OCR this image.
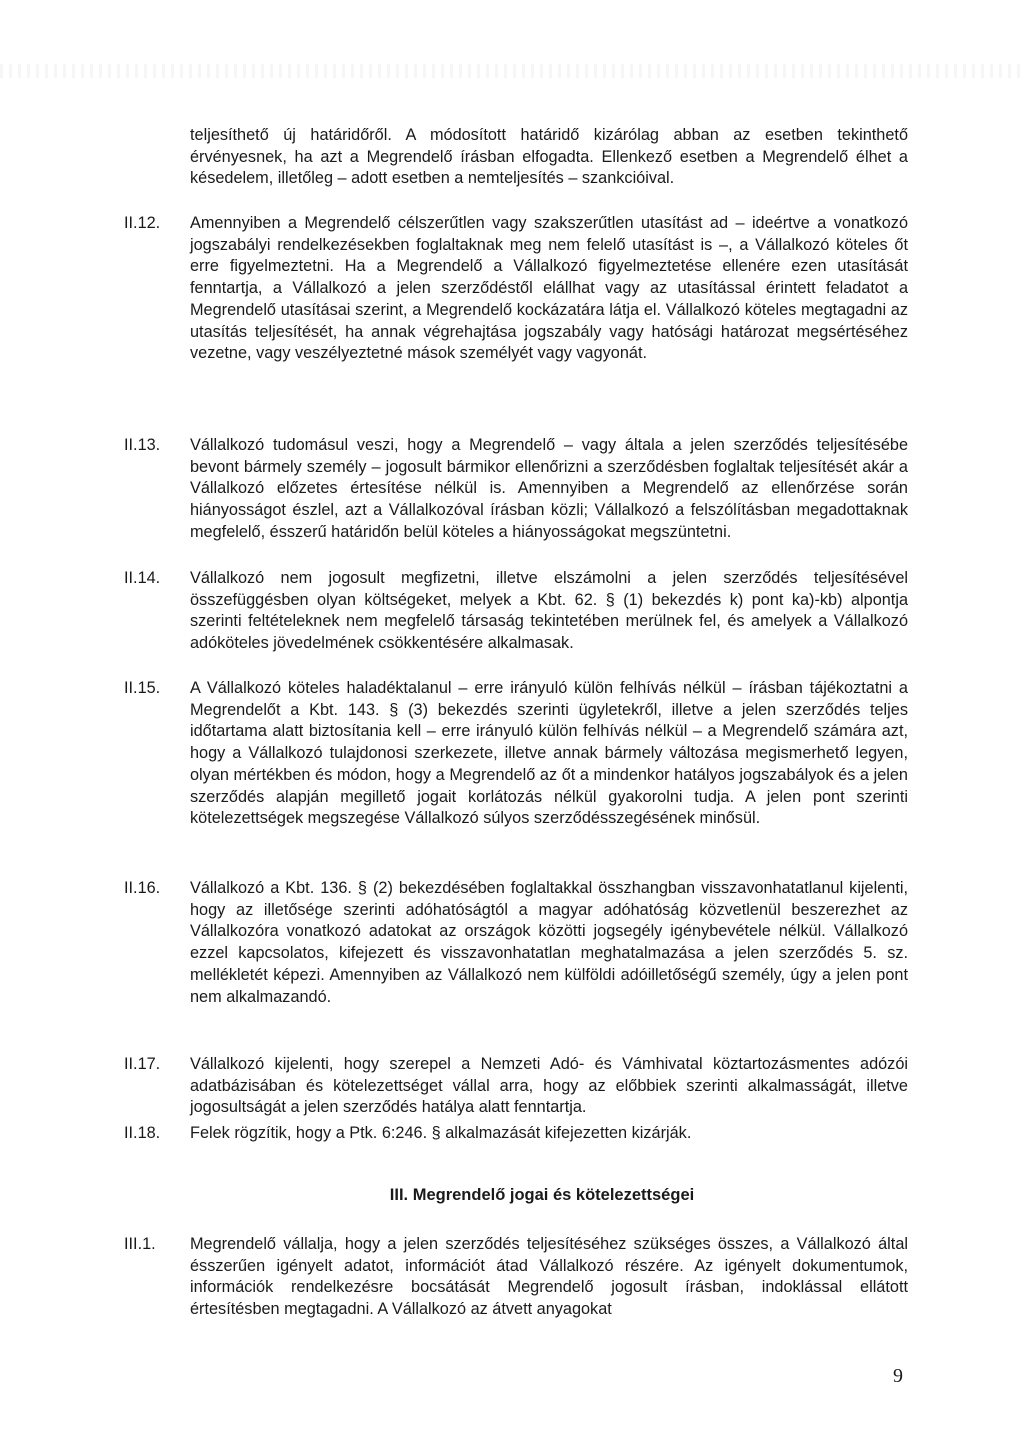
teljesíthető új határidőről. A módosított határidő kizárólag abban az esetben tekinthető érvényesnek, ha azt a Megrendelő írásban elfogadta. Ellenkező esetben a Megrendelő élhet a késedelem, illetőleg – adott esetben a nemteljesítés – szankcióival.

II.12. Amennyiben a Megrendelő célszerűtlen vagy szakszerűtlen utasítást ad – ideértve a vonatkozó jogszabályi rendelkezésekben foglaltaknak meg nem felelő utasítást is –, a Vállalkozó köteles őt erre figyelmeztetni. Ha a Megrendelő a Vállalkozó figyelmeztetése ellenére ezen utasítását fenntartja, a Vállalkozó a jelen szerződéstől elállhat vagy az utasítással érintett feladatot a Megrendelő utasításai szerint, a Megrendelő kockázatára látja el. Vállalkozó köteles megtagadni az utasítás teljesítését, ha annak végrehajtása jogszabály vagy hatósági határozat megsértéséhez vezetne, vagy veszélyeztetné mások személyét vagy vagyonát.

II.13. Vállalkozó tudomásul veszi, hogy a Megrendelő – vagy általa a jelen szerződés teljesítésébe bevont bármely személy – jogosult bármikor ellenőrizni a szerződésben foglaltak teljesítését akár a Vállalkozó előzetes értesítése nélkül is. Amennyiben a Megrendelő az ellenőrzése során hiányosságot észlel, azt a Vállalkozóval írásban közli; Vállalkozó a felszólításban megadottaknak megfelelő, ésszerű határidőn belül köteles a hiányosságokat megszüntetni.

II.14. Vállalkozó nem jogosult megfizetni, illetve elszámolni a jelen szerződés teljesítésével összefüggésben olyan költségeket, melyek a Kbt. 62. § (1) bekezdés k) pont ka)-kb) alpontja szerinti feltételeknek nem megfelelő társaság tekintetében merülnek fel, és amelyek a Vállalkozó adóköteles jövedelmének csökkentésére alkalmasak.

II.15. A Vállalkozó köteles haladéktalanul – erre irányuló külön felhívás nélkül – írásban tájékoztatni a Megrendelőt a Kbt. 143. § (3) bekezdés szerinti ügyletekről, illetve a jelen szerződés teljes időtartama alatt biztosítania kell – erre irányuló külön felhívás nélkül – a Megrendelő számára azt, hogy a Vállalkozó tulajdonosi szerkezete, illetve annak bármely változása megismerhető legyen, olyan mértékben és módon, hogy a Megrendelő az őt a mindenkor hatályos jogszabályok és a jelen szerződés alapján megillető jogait korlátozás nélkül gyakorolni tudja. A jelen pont szerinti kötelezettségek megszegése Vállalkozó súlyos szerződésszegésének minősül.

II.16. Vállalkozó a Kbt. 136. § (2) bekezdésében foglaltakkal összhangban visszavonhatatlanul kijelenti, hogy az illetősége szerinti adóhatóságtól a magyar adóhatóság közvetlenül beszerezhet az Vállalkozóra vonatkozó adatokat az országok közötti jogsegély igénybevétele nélkül. Vállalkozó ezzel kapcsolatos, kifejezett és visszavonhatatlan meghatalmazása a jelen szerződés 5. sz. mellékletét képezi. Amennyiben az Vállalkozó nem külföldi adóilletőségű személy, úgy a jelen pont nem alkalmazandó.

II.17. Vállalkozó kijelenti, hogy szerepel a Nemzeti Adó- és Vámhivatal köztartozásmentes adózói adatbázisában és kötelezettséget vállal arra, hogy az előbbiek szerinti alkalmasságát, illetve jogosultságát a jelen szerződés hatálya alatt fenntartja.

II.18. Felek rögzítik, hogy a Ptk. 6:246. § alkalmazását kifejezetten kizárják.

III. Megrendelő jogai és kötelezettségei
III.1. Megrendelő vállalja, hogy a jelen szerződés teljesítéséhez szükséges összes, a Vállalkozó által ésszerűen igényelt adatot, információt átad Vállalkozó részére. Az igényelt dokumentumok, információk rendelkezésre bocsátását Megrendelő jogosult írásban, indoklással ellátott értesítésben megtagadni. A Vállalkozó az átvett anyagokat

9
